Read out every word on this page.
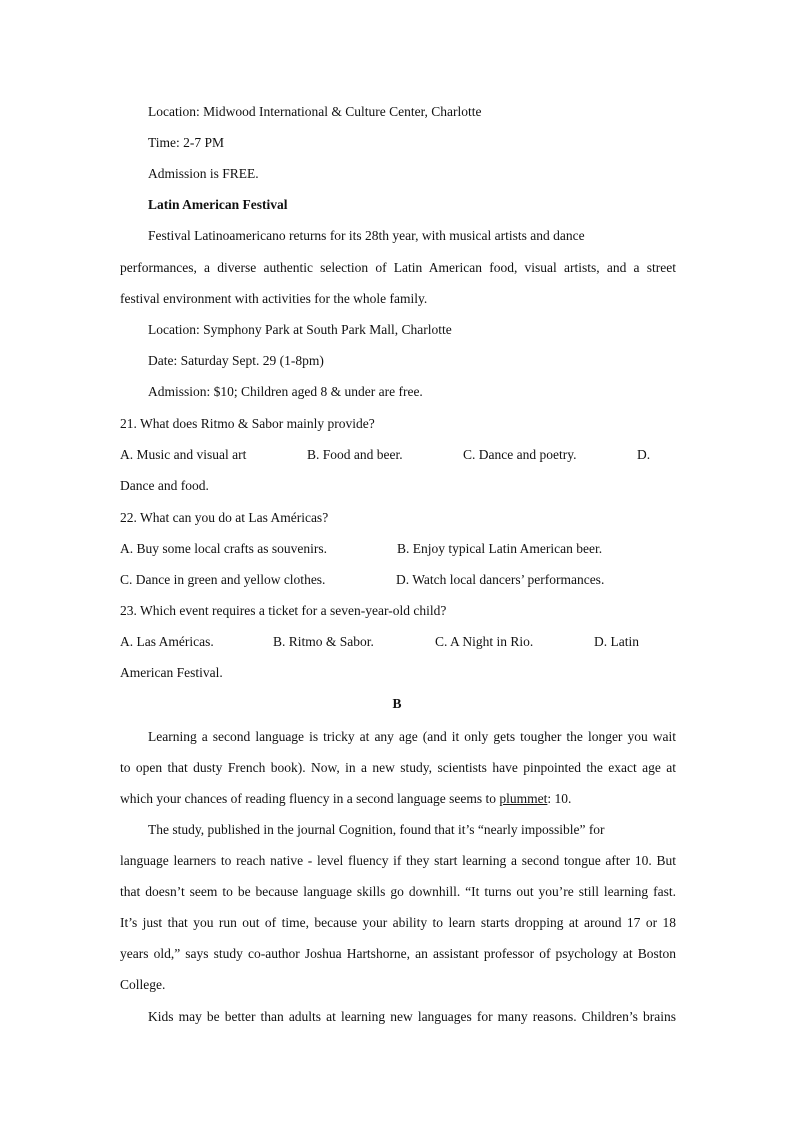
Location: Midwood International & Culture Center, Charlotte
Time: 2-7 PM
Admission is FREE.
Latin American Festival
Festival Latinoamericano returns for its 28th year, with musical artists and dance
performances, a diverse authentic selection of Latin American food, visual artists, and a street
festival environment with activities for the whole family.
Location: Symphony Park at South Park Mall, Charlotte
Date: Saturday Sept. 29 (1-8pm)
Admission: $10; Children aged 8 & under are free.
21. What does Ritmo & Sabor mainly provide?
A. Music and visual art	B. Food and beer.	C. Dance and poetry.	D.
Dance and food.
22. What can you do at Las Américas?
A. Buy some local crafts as souvenirs.	B. Enjoy typical Latin American beer.
C. Dance in green and yellow clothes.	D. Watch local dancers’ performances.
23. Which event requires a ticket for a seven-year-old child?
A. Las Américas.	B. Ritmo & Sabor.	C. A Night in Rio.	D. Latin
American Festival.
B
Learning a second language is tricky at any age (and it only gets tougher the longer you wait
to open that dusty French book). Now, in a new study, scientists have pinpointed the exact age at
which your chances of reading fluency in a second language seems to plummet: 10.
The study, published in the journal Cognition, found that it’s “nearly impossible” for
language learners to reach native - level fluency if they start learning a second tongue after 10. But
that doesn’t seem to be because language skills go downhill. “It turns out you’re still learning fast.
It’s just that you run out of time, because your ability to learn starts dropping at around 17 or 18
years old,” says study co-author Joshua Hartshorne, an assistant professor of psychology at Boston
College.
Kids may be better than adults at learning new languages for many reasons. Children’s brains
